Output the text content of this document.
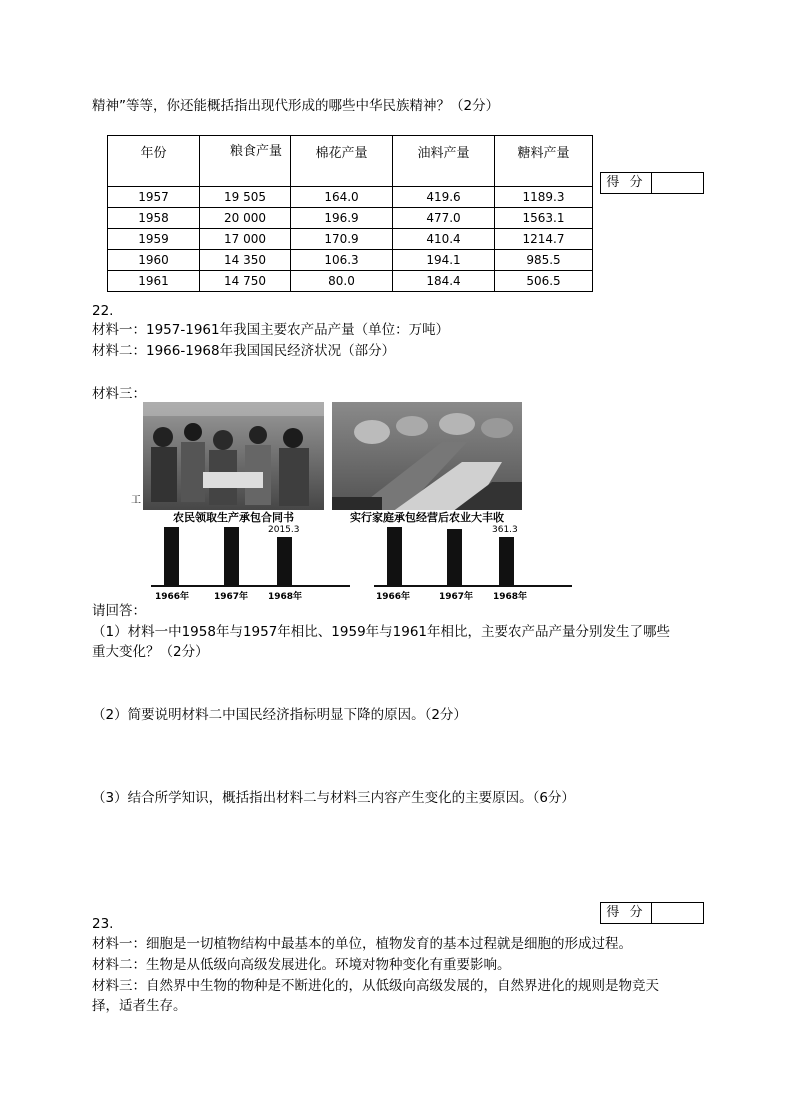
精神”等等，你还能概括指出现代形成的哪些中华民族精神？（2分）
年份	粮食产量	棉花产量	油料产量	糖料产量
1957	19 505	164.0	419.6	1189.3
1958	20 000	196.9	477.0	1563.1
1959	17 000	170.9	410.4	1214.7
1960	14 350	106.3	194.1	985.5
1961	14 750	80.0	184.4	506.5
得 分
22.
材料一：1957-1961年我国主要农产品产量（单位：万吨）
材料二：1966-1968年我国国民经济状况（部分）
材料三：
农民领取生产承包合同书	实行家庭承包经营后农业大丰收
工
2015.3
1966年	1967年 1968年
361.3
1966年	1967年 1968年
请回答：
（1）材料一中1958年与1957年相比、1959年与1961年相比，主要农产品产量分别发生了哪些
重大变化？（2分）
（2）简要说明材料二中国民经济指标明显下降的原因。（2分）
（3）结合所学知识，概括指出材料二与材料三内容产生变化的主要原因。（6分）
得 分
23.
材料一：细胞是一切植物结构中最基本的单位，植物发育的基本过程就是细胞的形成过程。
材料二：生物是从低级向高级发展进化。环境对物种变化有重要影响。
材料三：自然界中生物的物种是不断进化的，从低级向高级发展的，自然界进化的规则是物竞天
择，适者生存。
